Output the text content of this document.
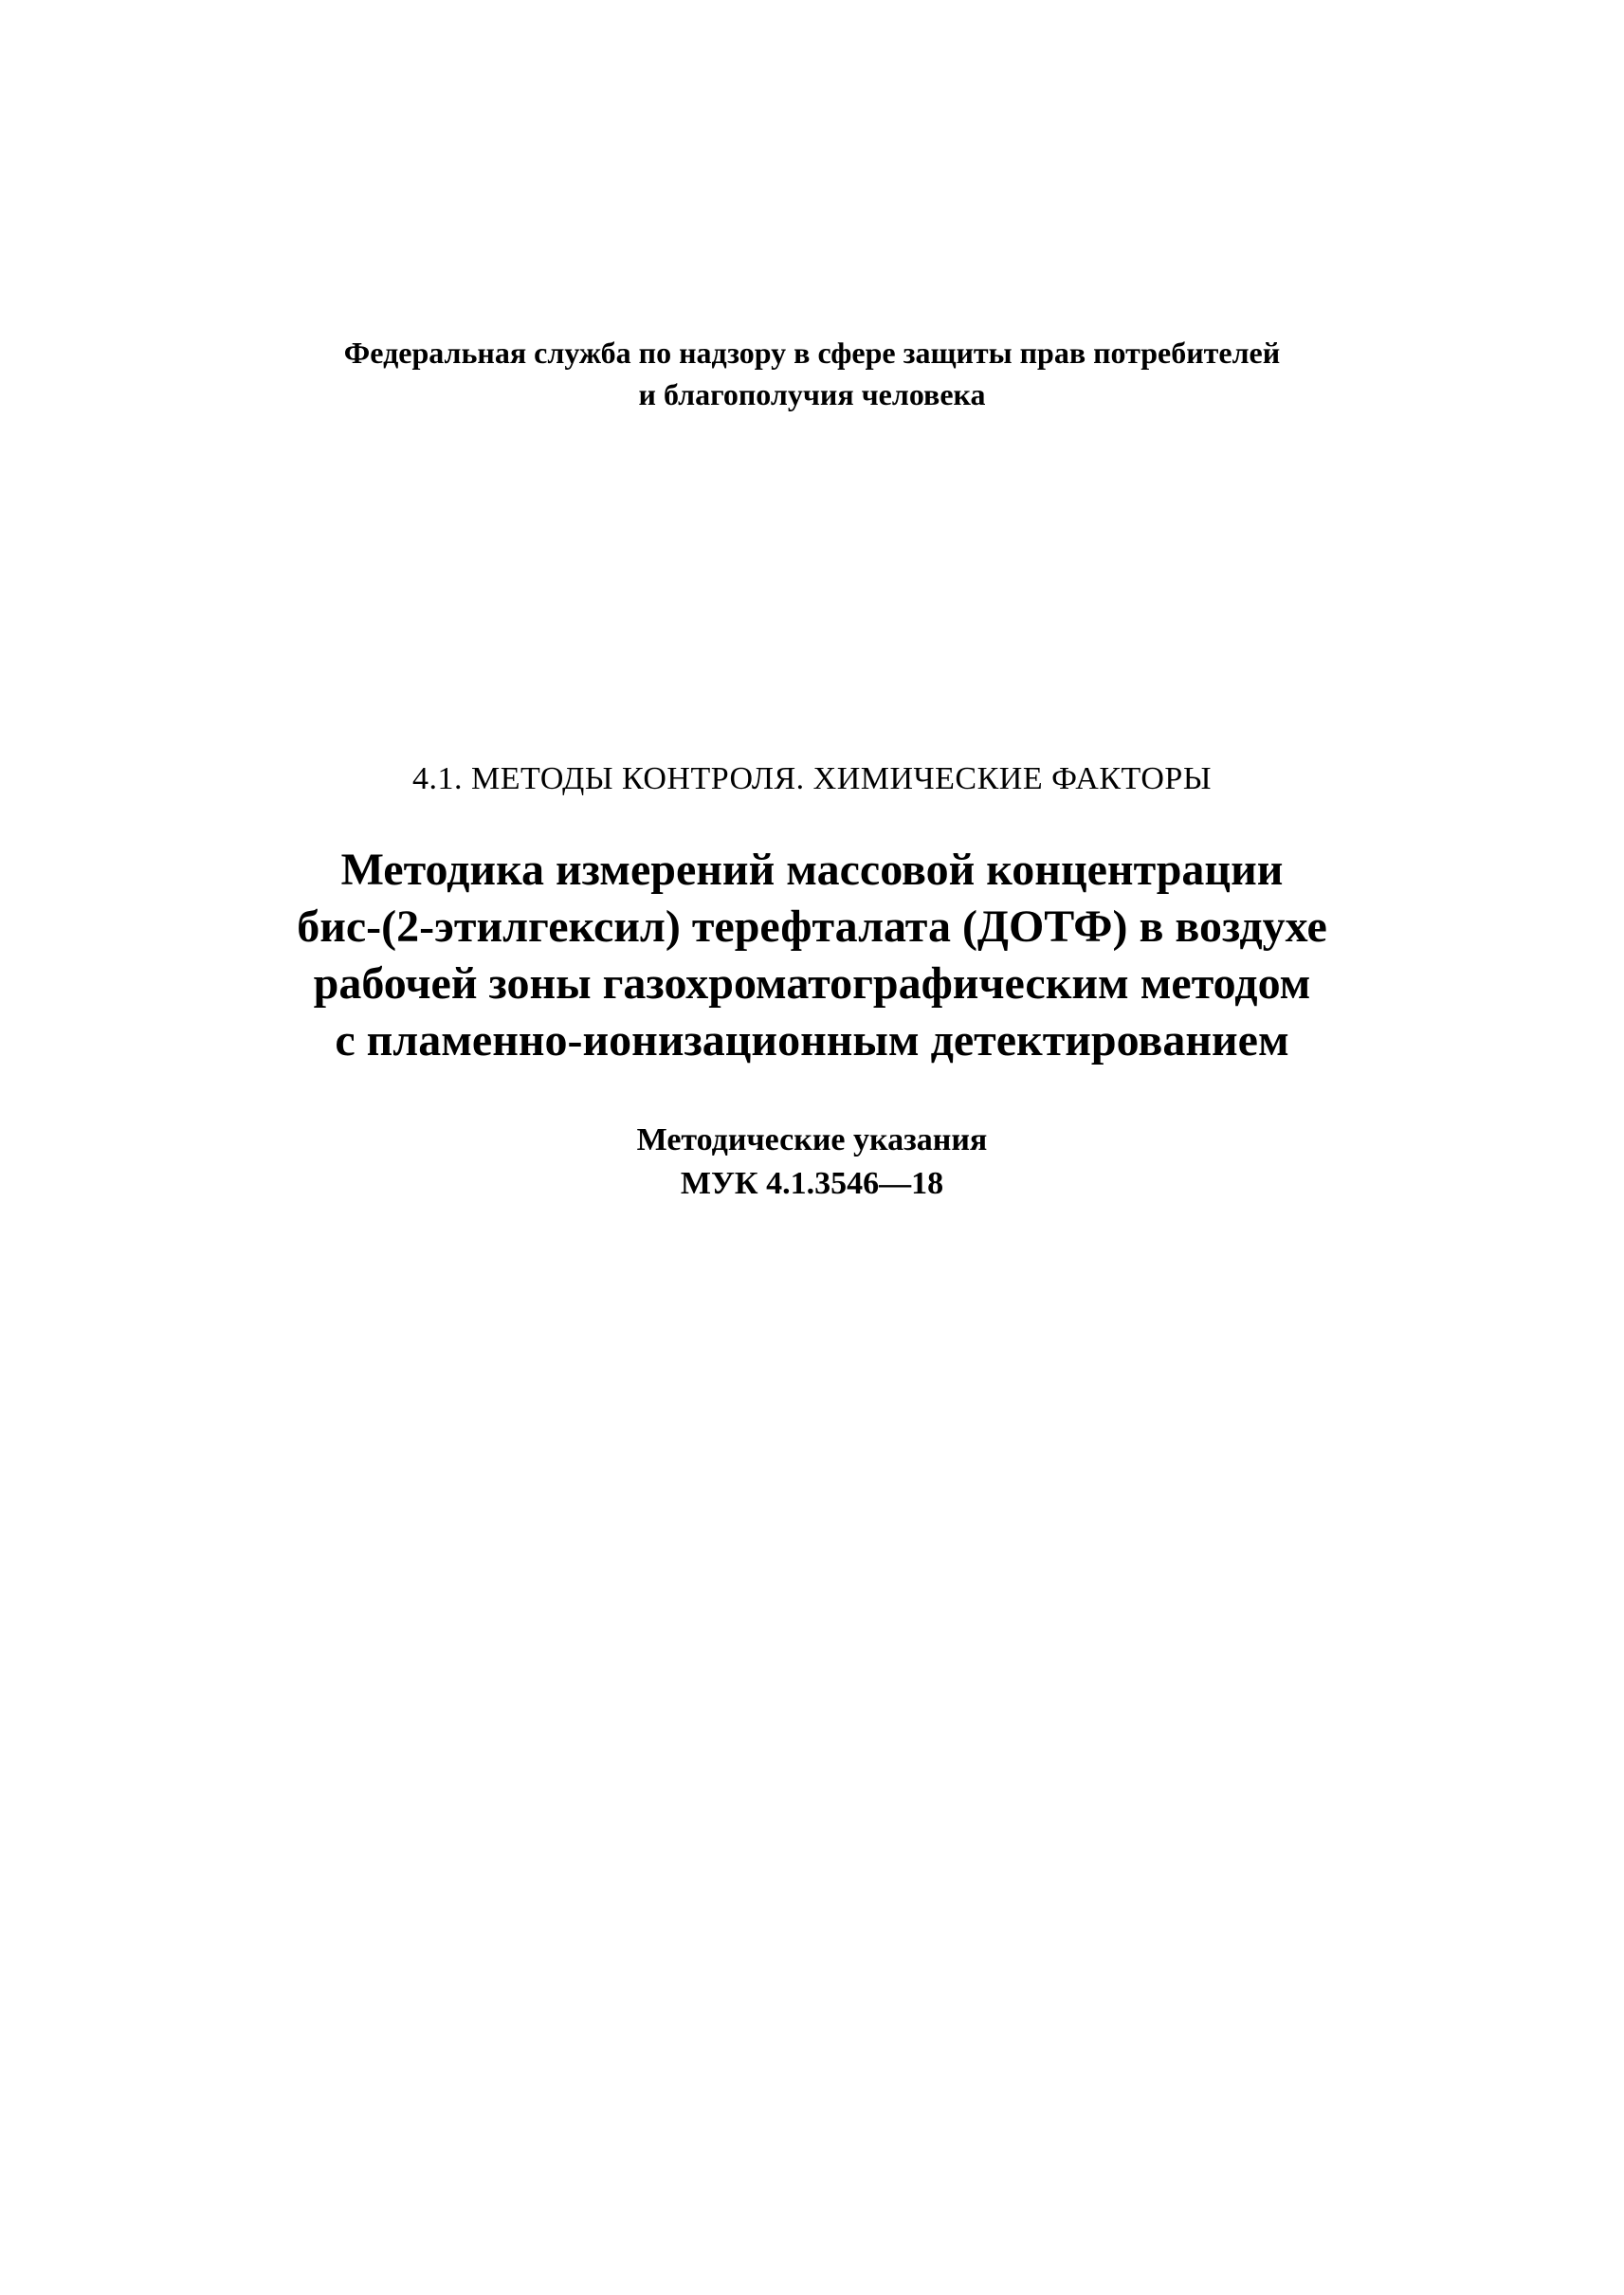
Федеральная служба по надзору в сфере защиты прав потребителей
и благополучия человека
4.1. МЕТОДЫ КОНТРОЛЯ. ХИМИЧЕСКИЕ ФАКТОРЫ
Методика измерений массовой концентрации
бис-(2-этилгексил) терефталата (ДОТФ) в воздухе
рабочей зоны газохроматографическим методом
с пламенно-ионизационным детектированием
Методические указания
МУК 4.1.3546—18
